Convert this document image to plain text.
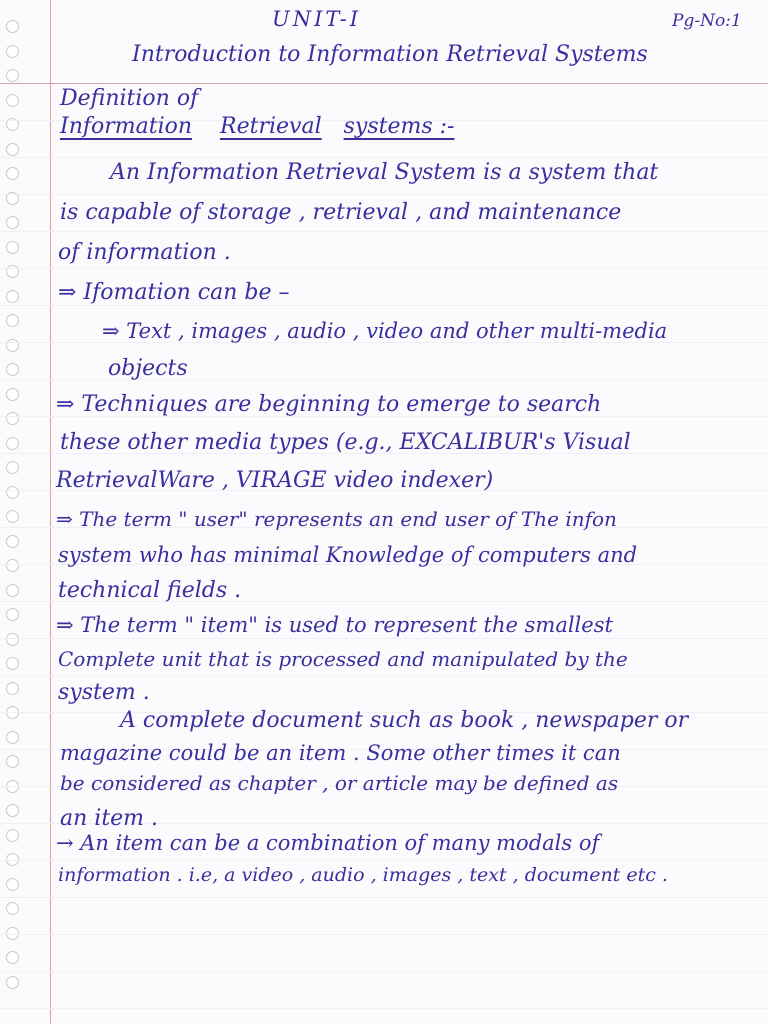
UNIT-I	Pg-No:1
Introduction to Information Retrieval Systems
Definition of
Information Retrieval systems :-
An Information Retrieval System is a system that
is capable of storage , retrieval , and maintenance
of information .
⇒ Ifomation can be –
⇒ Text , images , audio , video and other multi-media
objects
⇒ Techniques are beginning to emerge to search
these other media types (e.g., EXCALIBUR's Visual
RetrievalWare , VIRAGE video indexer)
⇒ The term " user" represents an end user of The infon
system who has minimal Knowledge of computers and
technical fields .
⇒ The term " item" is used to represent the smallest
Complete unit that is processed and manipulated by the
system .
A complete document such as book , newspaper or
magazine could be an item . Some other times it can
be considered as chapter , or article may be defined as
an item .
→ An item can be a combination of many modals of
information . i.e, a video , audio , images , text , document etc .
